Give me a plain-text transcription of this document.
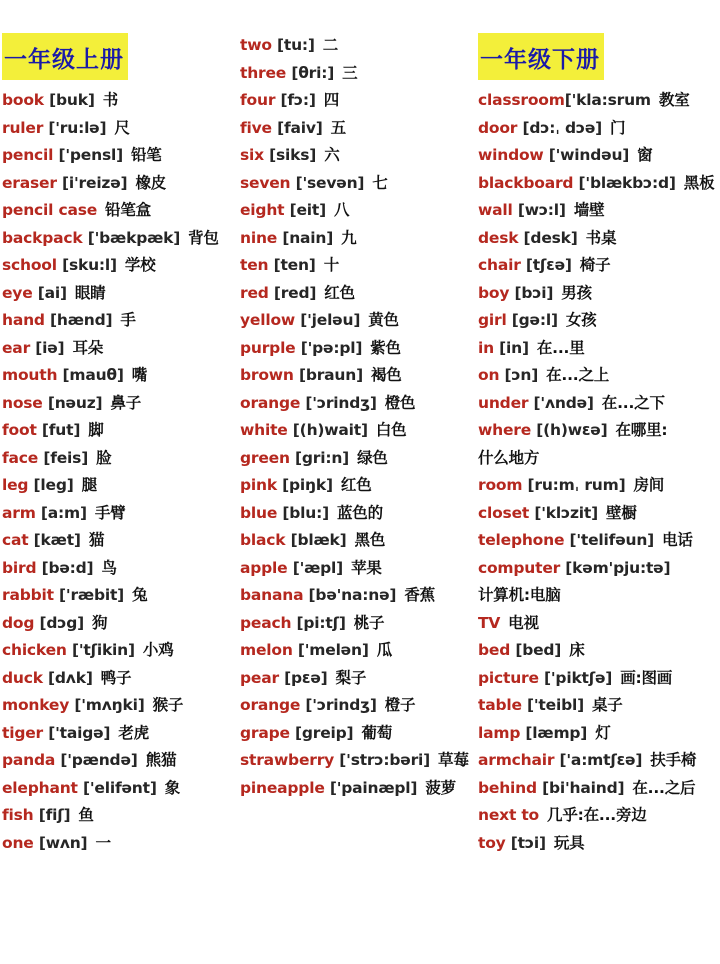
一年级上册
book [buk] 书
ruler ['ru:lə] 尺
pencil ['pensl] 铅笔
eraser [i'reizə] 橡皮
pencil case 铅笔盒
backpack ['bækpæk] 背包
school [sku:l] 学校
eye [ai] 眼睛
hand [hænd] 手
ear [iə] 耳朵
mouth [mauθ] 嘴
nose [nəuz] 鼻子
foot [fut] 脚
face [feis] 脸
leg [leg] 腿
arm [a:m] 手臂
cat [kæt] 猫
bird [bə:d] 鸟
rabbit ['ræbit] 兔
dog [dɔg] 狗
chicken ['tʃikin] 小鸡
duck [dʌk] 鸭子
monkey ['mʌŋki] 猴子
tiger ['taigə] 老虎
panda ['pændə] 熊猫
elephant ['elifənt] 象
fish [fiʃ] 鱼
one [wʌn] 一
two [tu:] 二
three [θri:] 三
four [fɔ:] 四
five [faiv] 五
six [siks] 六
seven ['sevən] 七
eight [eit] 八
nine [nain] 九
ten [ten] 十
red [red] 红色
yellow ['jeləu] 黄色
purple ['pə:pl] 紫色
brown [braun] 褐色
orange ['ɔrindʒ] 橙色
white [(h)wait] 白色
green [gri:n] 绿色
pink [piŋk] 红色
blue [blu:] 蓝色的
black [blæk] 黑色
apple ['æpl] 苹果
banana [bə'na:nə] 香蕉
peach [pi:tʃ] 桃子
melon ['melən] 瓜
pear [pεə] 梨子
orange ['ɔrindʒ] 橙子
grape [greip] 葡萄
strawberry ['strɔ:bəri] 草莓
pineapple ['painæpl] 菠萝
一年级下册
classroom['kla:srum 教室
door [dɔ:ˌ dɔə] 门
window ['windəu] 窗
blackboard ['blækbɔ:d] 黑板
wall [wɔ:l] 墙壁
desk [desk] 书桌
chair [tʃεə] 椅子
boy [bɔi] 男孩
girl [gə:l] 女孩
in [in] 在...里
on [ɔn] 在...之上
under ['ʌndə] 在...之下
where [(h)wεə] 在哪里:
什么地方
room [ru:mˌ rum] 房间
closet ['klɔzit] 壁橱
telephone ['telifəun] 电话
computer [kəm'pju:tə]
计算机:电脑
TV 电视
bed [bed] 床
picture ['piktʃə] 画:图画
table ['teibl] 桌子
lamp [læmp] 灯
armchair ['a:mtʃεə] 扶手椅
behind [bi'haind] 在...之后
next to 几乎:在...旁边
toy [tɔi] 玩具
